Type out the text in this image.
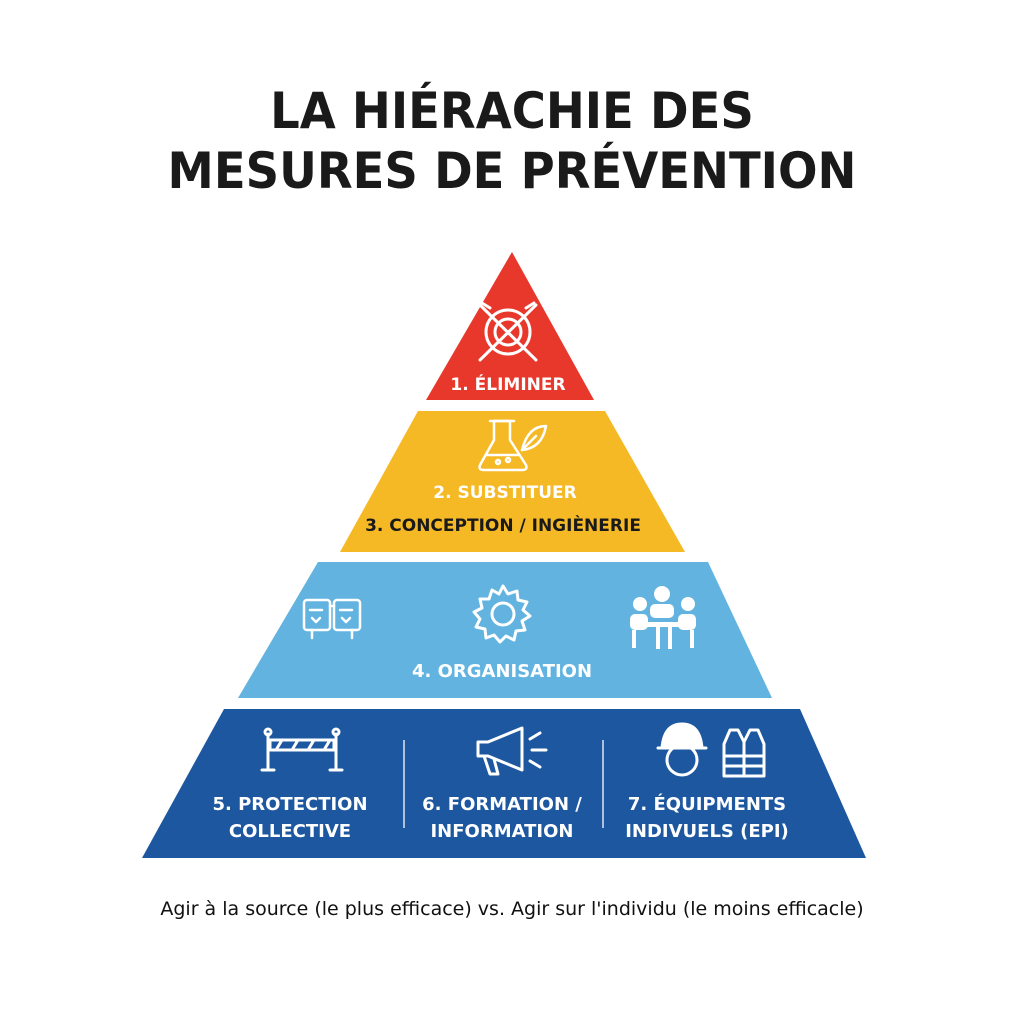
LA HIÉRACHIE DES
MESURES DE PRÉVENTION
1. ÉLIMINER
2. SUBSTITUER
3. CONCEPTION / INGIÈNERIE
4. ORGANISATION
5. PROTECTION
COLLECTIVE
6. FORMATION /
INFORMATION
7. ÉQUIPMENTS
INDIVUELS (EPI)
Agir à la source (le plus efficace) vs. Agir sur l'individu (le moins efficacle)
